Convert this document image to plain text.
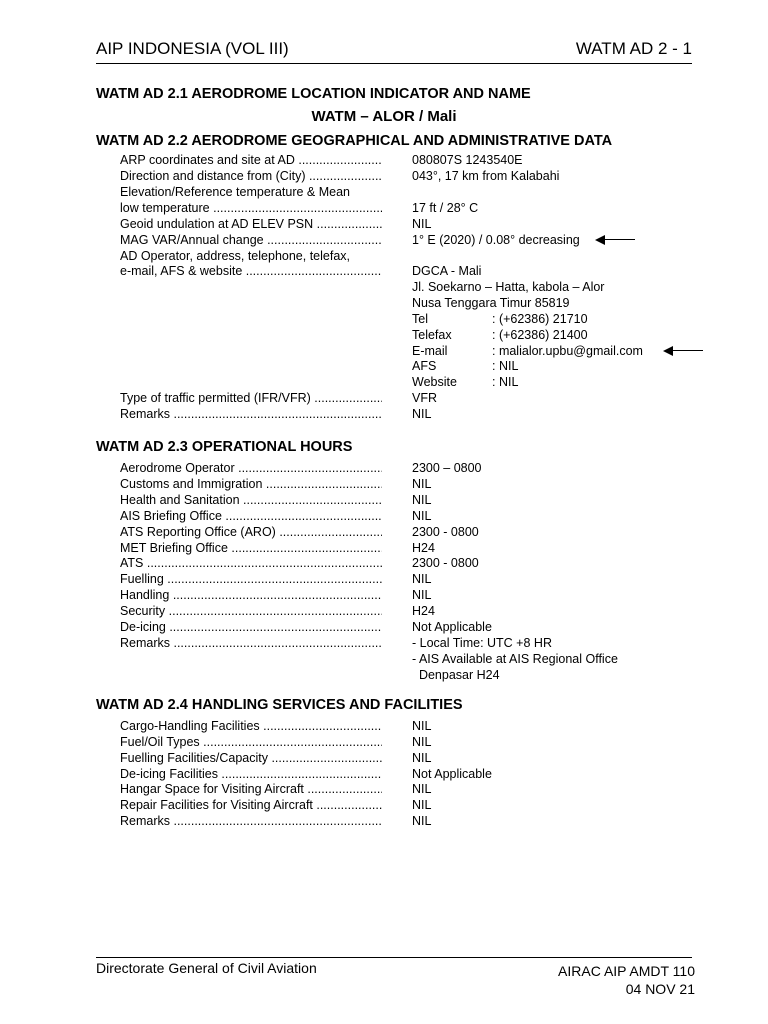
AIP INDONESIA (VOL III)	WATM AD 2 - 1
WATM AD 2.1 AERODROME LOCATION INDICATOR AND NAME
WATM – ALOR / Mali
WATM AD 2.2 AERODROME GEOGRAPHICAL AND ADMINISTRATIVE DATA
ARP coordinates and site at AD .....	080807S 1243540E
Direction and distance from (City) .....	043°, 17 km from Kalabahi
Elevation/Reference temperature & Mean
low temperature .....	17 ft / 28° C
Geoid undulation at AD ELEV PSN .....	NIL
MAG VAR/Annual change .....	1° E (2020) / 0.08° decreasing
AD Operator, address, telephone, telefax,
e-mail, AFS & website .....	DGCA - Mali
Jl. Soekarno – Hatta, kabola – Alor
Nusa Tenggara Timur 85819
Tel	: (+62386) 21710
Telefax	: (+62386) 21400
E-mail	: malialor.upbu@gmail.com
AFS	: NIL
Website	: NIL
Type of traffic permitted (IFR/VFR) .....	VFR
Remarks .....	NIL
WATM AD 2.3 OPERATIONAL HOURS
Aerodrome Operator .....	2300 – 0800
Customs and Immigration .....	NIL
Health and Sanitation .....	NIL
AIS Briefing Office .....	NIL
ATS Reporting Office (ARO) .....	2300 - 0800
MET Briefing Office .....	H24
ATS .....	2300 - 0800
Fuelling .....	NIL
Handling .....	NIL
Security .....	H24
De-icing .....	Not Applicable
Remarks .....	- Local Time: UTC +8 HR
- AIS Available at AIS Regional Office
Denpasar H24
WATM AD 2.4 HANDLING SERVICES AND FACILITIES
Cargo-Handling Facilities .....	NIL
Fuel/Oil Types .....	NIL
Fuelling Facilities/Capacity .....	NIL
De-icing Facilities .....	Not Applicable
Hangar Space for Visiting Aircraft .....	NIL
Repair Facilities for Visiting Aircraft .....	NIL
Remarks .....	NIL
Directorate General of Civil Aviation	AIRAC AIP AMDT 110
04 NOV 21
